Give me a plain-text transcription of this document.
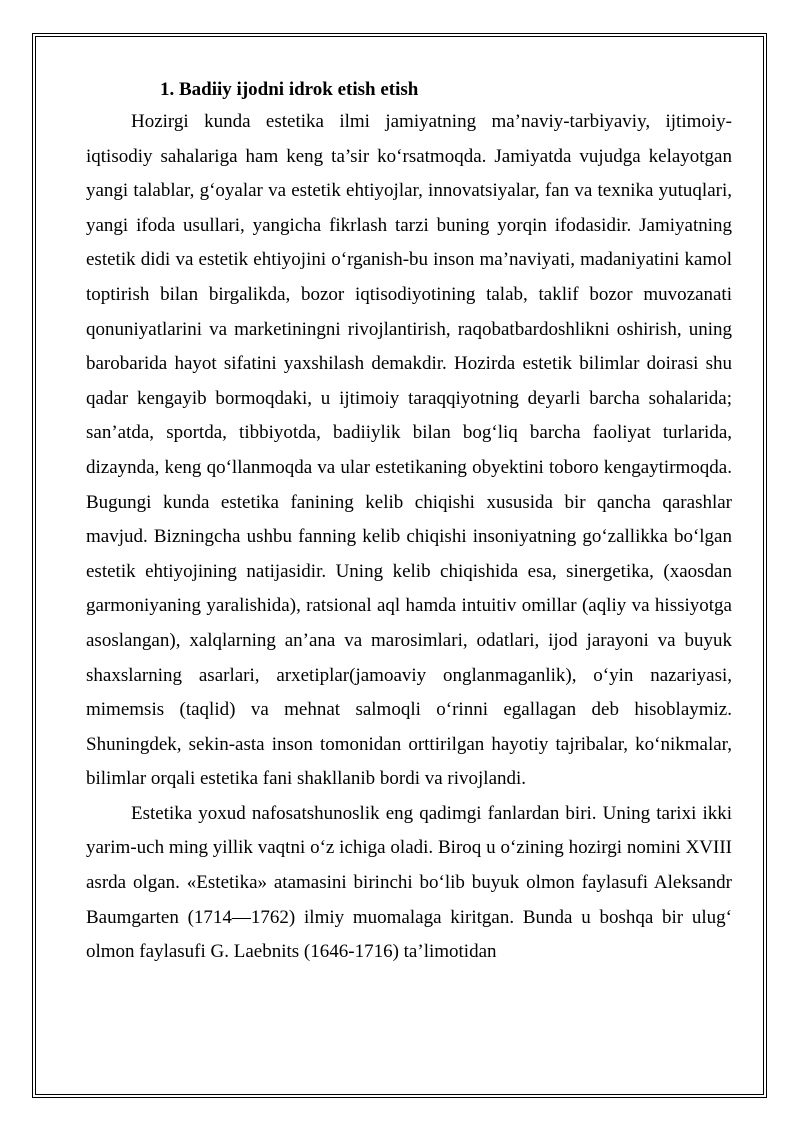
1. Badiiy ijodni idrok etish etish

Hozirgi kunda estetika ilmi jamiyatning ma’naviy-tarbiyaviy, ijtimoiy-iqtisodiy sahalariga ham keng ta’sir ko‘rsatmoqda. Jamiyatda vujudga kelayotgan yangi talablar, g‘oyalar va estetik ehtiyojlar, innovatsiyalar, fan va texnika yutuqlari, yangi ifoda usullari, yangicha fikrlash tarzi buning yorqin ifodasidir. Jamiyatning estetik didi va estetik ehtiyojini o‘rganish-bu inson ma’naviyati, madaniyatini kamol toptirish bilan birgalikda, bozor iqtisodiyotining talab, taklif bozor muvozanati qonuniyatlarini va marketiningni rivojlantirish, raqobatbardoshlikni oshirish, uning barobarida hayot sifatini yaxshilash demakdir. Hozirda estetik bilimlar doirasi shu qadar kengayib bormoqdaki, u ijtimoiy taraqqiyotning deyarli barcha sohalarida; san’atda, sportda, tibbiyotda, badiiylik bilan bog‘liq barcha faoliyat turlarida, dizaynda, keng qo‘llanmoqda va ular estetikaning obyektini toboro kengaytirmoqda. Bugungi kunda estetika fanining kelib chiqishi xususida bir qancha qarashlar mavjud. Bizningcha ushbu fanning kelib chiqishi insoniyatning go‘zallikka bo‘lgan estetik ehtiyojining natijasidir. Uning kelib chiqishida esa, sinergetika, (xaosdan garmoniyaning yaralishida), ratsional aql hamda intuitiv omillar (aqliy va hissiyotga asoslangan), xalqlarning an’ana va marosimlari, odatlari, ijod jarayoni va buyuk shaxslarning asarlari, arxetiplar(jamoaviy onglanmaganlik), o‘yin nazariyasi, mimemsis (taqlid) va mehnat salmoqli o‘rinni egallagan deb hisoblaymiz. Shuningdek, sekin-asta inson tomonidan orttirilgan hayotiy tajribalar, ko‘nikmalar, bilimlar orqali estetika fani shakllanib bordi va rivojlandi.

Estetika yoxud nafosatshunoslik eng qadimgi fanlardan biri. Uning tarixi ikki yarim-uch ming yillik vaqtni o‘z ichiga oladi. Biroq u o‘zining hozirgi nomini XVIII asrda olgan. «Estetika» atamasini birinchi bo‘lib buyuk olmon faylasufi Aleksandr Baumgarten (1714—1762) ilmiy muomalaga kiritgan. Bunda u boshqa bir ulug‘ olmon faylasufi G. Laebnits (1646-1716) ta’limotidan
